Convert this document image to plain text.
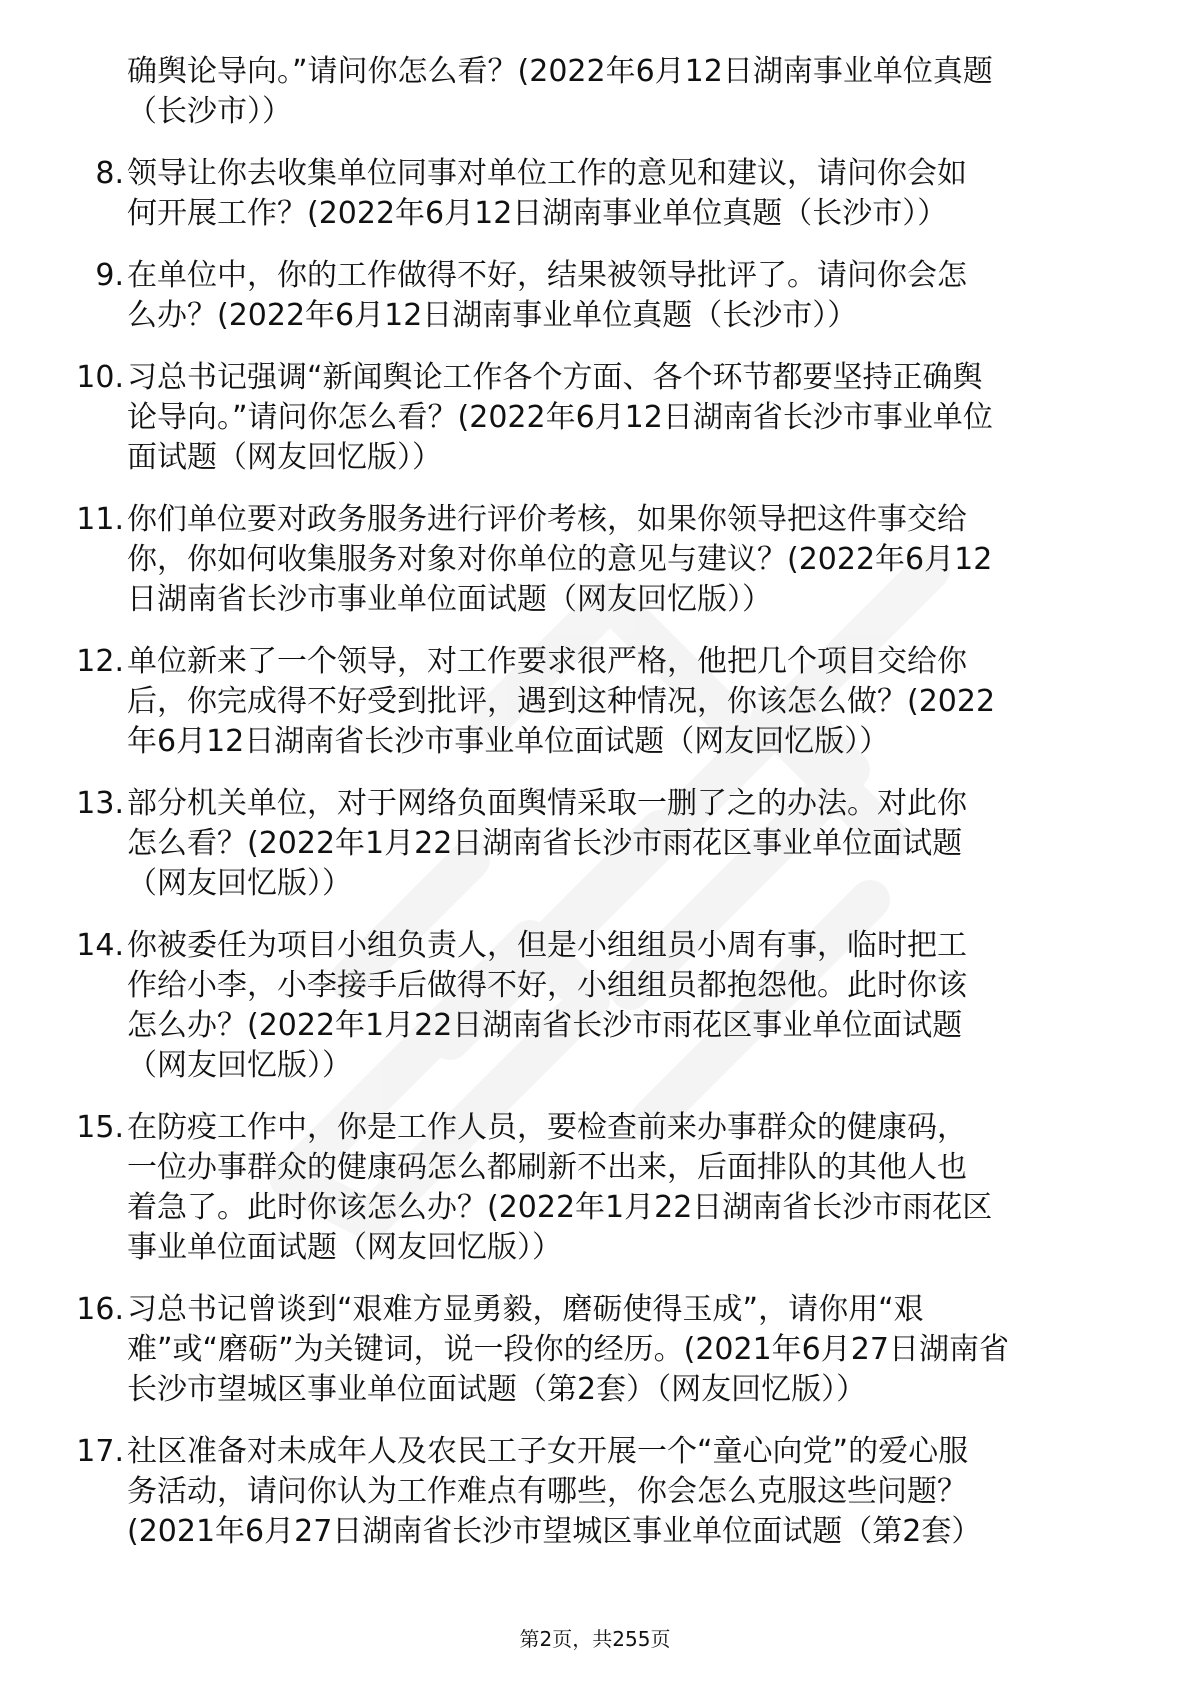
确舆论导向。”请问你怎么看？(2022年6月12日湖南事业单位真题
（长沙市））
8. 领导让你去收集单位同事对单位工作的意见和建议，请问你会如
何开展工作？(2022年6月12日湖南事业单位真题（长沙市））
9. 在单位中，你的工作做得不好，结果被领导批评了。请问你会怎
么办？(2022年6月12日湖南事业单位真题（长沙市））
10. 习总书记强调“新闻舆论工作各个方面、各个环节都要坚持正确舆
论导向。”请问你怎么看？(2022年6月12日湖南省长沙市事业单位
面试题（网友回忆版））
11. 你们单位要对政务服务进行评价考核，如果你领导把这件事交给
你，你如何收集服务对象对你单位的意见与建议？(2022年6月12
日湖南省长沙市事业单位面试题（网友回忆版））
12. 单位新来了一个领导，对工作要求很严格，他把几个项目交给你
后，你完成得不好受到批评，遇到这种情况，你该怎么做？(2022
年6月12日湖南省长沙市事业单位面试题（网友回忆版））
13. 部分机关单位，对于网络负面舆情采取一删了之的办法。对此你
怎么看？(2022年1月22日湖南省长沙市雨花区事业单位面试题
（网友回忆版））
14. 你被委任为项目小组负责人，但是小组组员小周有事，临时把工
作给小李，小李接手后做得不好，小组组员都抱怨他。此时你该
怎么办？(2022年1月22日湖南省长沙市雨花区事业单位面试题
（网友回忆版））
15. 在防疫工作中，你是工作人员，要检查前来办事群众的健康码，
一位办事群众的健康码怎么都刷新不出来，后面排队的其他人也
着急了。此时你该怎么办？(2022年1月22日湖南省长沙市雨花区
事业单位面试题（网友回忆版））
16. 习总书记曾谈到“艰难方显勇毅，磨砺使得玉成”，请你用“艰
难”或“磨砺”为关键词，说一段你的经历。(2021年6月27日湖南省
长沙市望城区事业单位面试题（第2套）（网友回忆版））
17. 社区准备对未成年人及农民工子女开展一个“童心向党”的爱心服
务活动，请问你认为工作难点有哪些，你会怎么克服这些问题？
(2021年6月27日湖南省长沙市望城区事业单位面试题（第2套）
第2页，共255页
